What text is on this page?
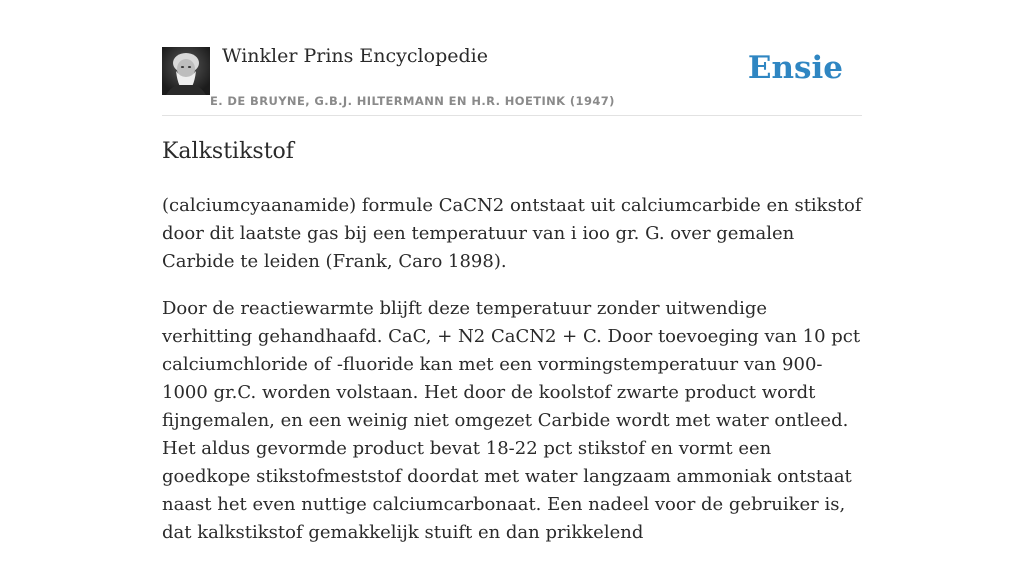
Winkler Prins Encyclopedie
E. DE BRUYNE, G.B.J. HILTERMANN EN H.R. HOETINK (1947)
Ensie
Kalkstikstof

(calciumcyaanamide) formule CaCN2 ontstaat uit calciumcarbide en stikstof door dit laatste gas bij een temperatuur van i ioo gr. G. over gemalen Carbide te leiden (Frank, Caro 1898).

Door de reactiewarmte blijft deze temperatuur zonder uitwendige verhitting gehandhaafd. CaC, + N2 CaCN2 + C. Door toevoeging van 10 pct calciumchloride of -fluoride kan met een vormingstemperatuur van 900-1000 gr.C. worden volstaan. Het door de koolstof zwarte product wordt fijngemalen, en een weinig niet omgezet Carbide wordt met water ontleed. Het aldus gevormde product bevat 18-22 pct stikstof en vormt een goedkope stikstofmeststof doordat met water langzaam ammoniak ontstaat naast het even nuttige calciumcarbonaat. Een nadeel voor de gebruiker is, dat kalkstikstof gemakkelijk stuift en dan prikkelend
